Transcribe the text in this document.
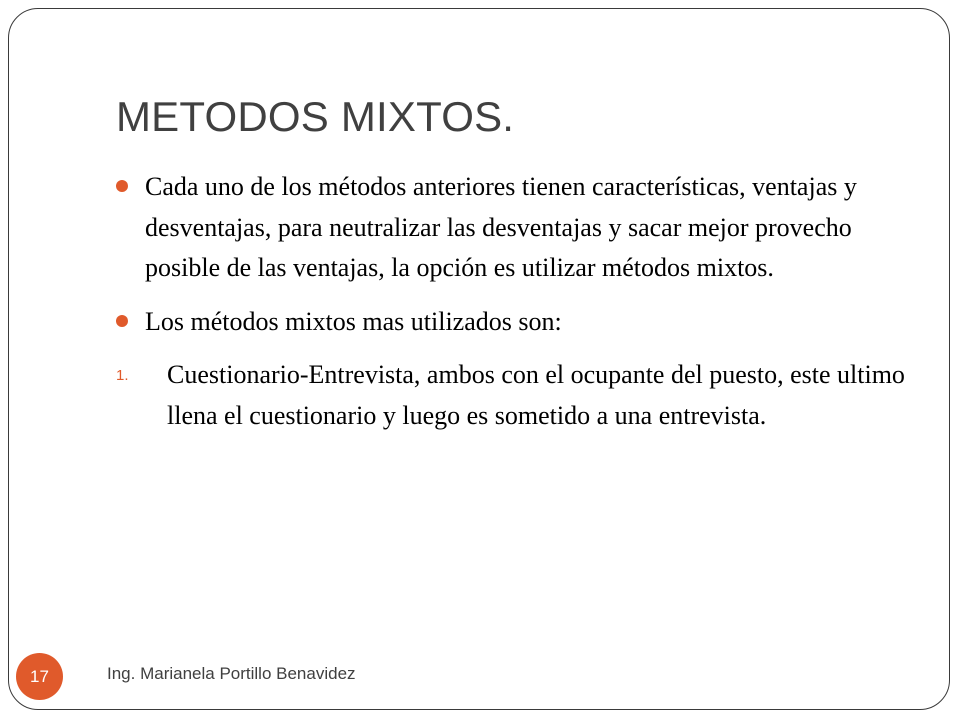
METODOS MIXTOS.
Cada uno de los métodos anteriores tienen características, ventajas y desventajas, para neutralizar las desventajas y sacar mejor provecho posible de las ventajas, la opción es utilizar métodos mixtos.
Los métodos mixtos mas utilizados son:
1. Cuestionario-Entrevista, ambos con el ocupante del puesto, este ultimo llena el cuestionario y luego es sometido a una entrevista.
17	Ing. Marianela Portillo Benavidez
